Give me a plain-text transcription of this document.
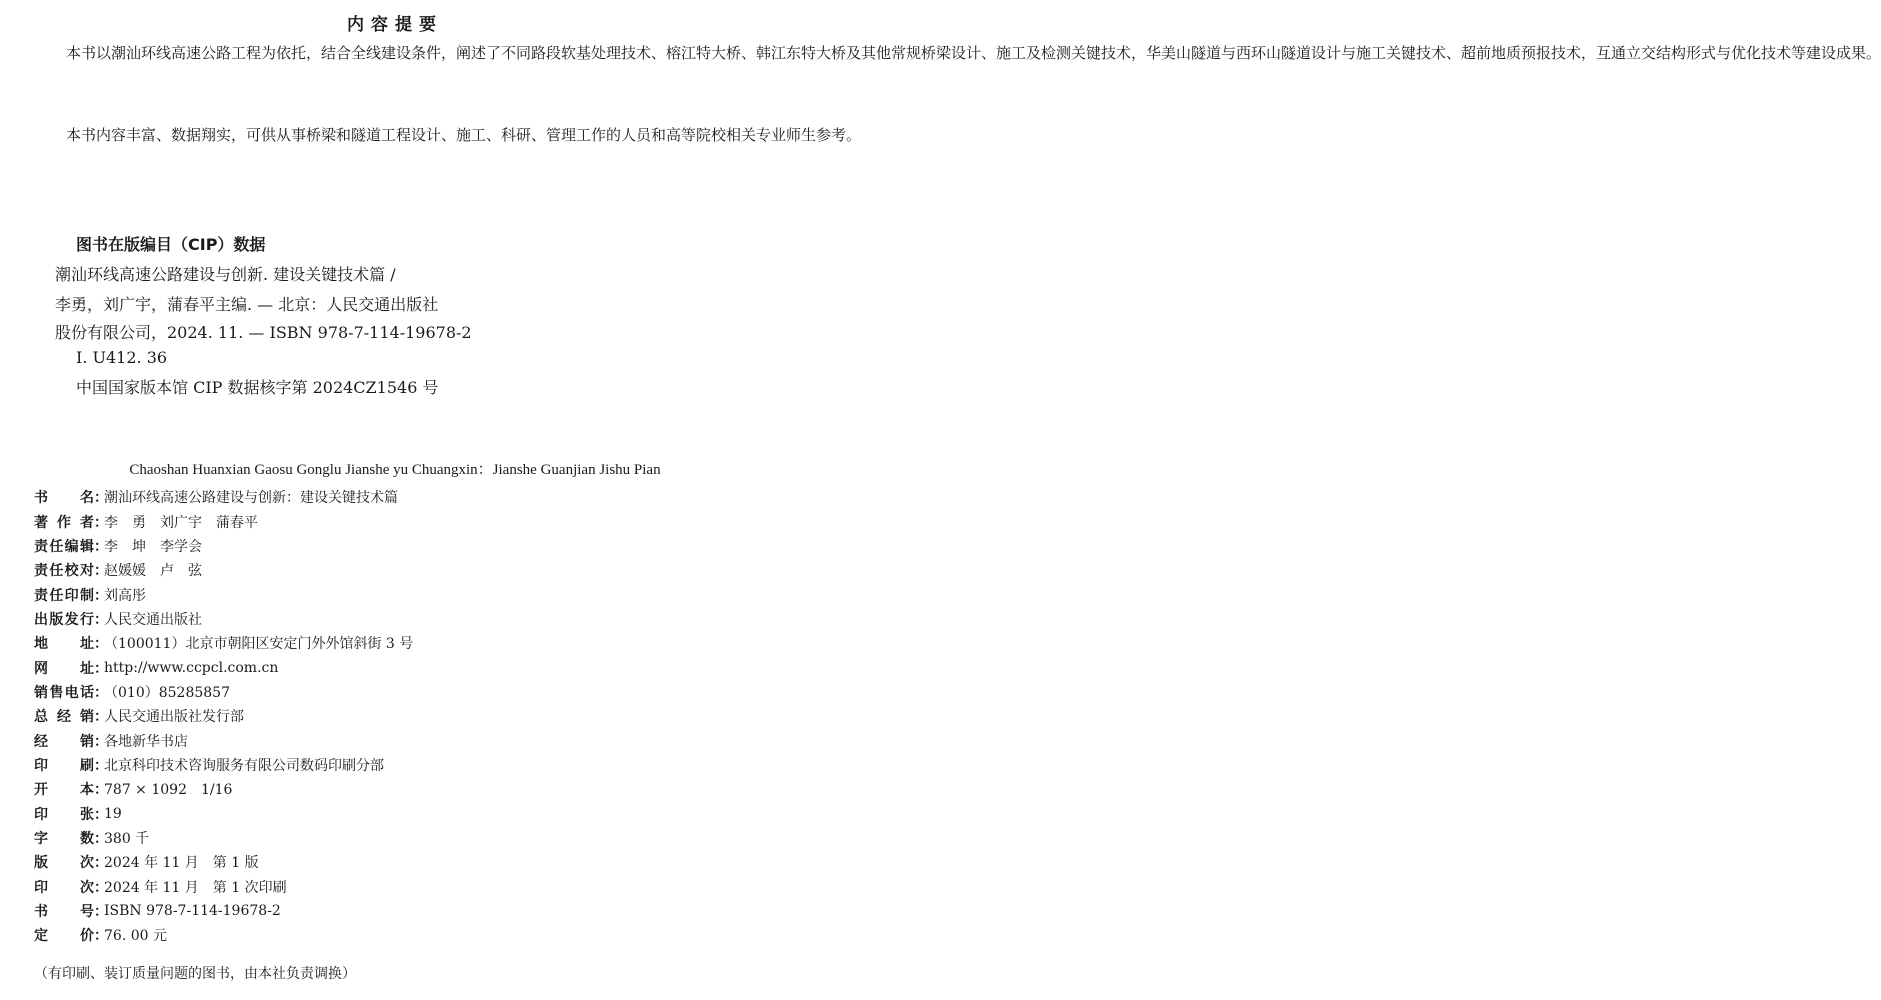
内容提要

本书以潮汕环线高速公路工程为依托，结合全线建设条件，阐述了不同路段软基处理技术、榕江特大桥、韩江东特大桥及其他常规桥梁设计、施工及检测关键技术，华美山隧道与西环山隧道设计与施工关键技术、超前地质预报技术，互通立交结构形式与优化技术等建设成果。

本书内容丰富、数据翔实，可供从事桥梁和隧道工程设计、施工、科研、管理工作的人员和高等院校相关专业师生参考。

图书在版编目（CIP）数据
潮汕环线高速公路建设与创新. 建设关键技术篇 /
李勇，刘广宇，蒲春平主编. — 北京：人民交通出版社
股份有限公司，2024. 11. — ISBN 978-7-114-19678-2
Ⅰ. U412. 36
中国国家版本馆 CIP 数据核字第 2024CZ1546 号
Chaoshan Huanxian Gaosu Gonglu Jianshe yu Chuangxin：Jianshe Guanjian Jishu Pian
书 名 ：
潮汕环线高速公路建设与创新：建设关键技术篇
著 作 者 ：
李　勇　刘广宇　蒲春平
责 任 编 辑 ：
李　坤　李学会
责 任 校 对 ：
赵媛媛　卢　弦
责 任 印 制 ：
刘高彤
出 版 发 行 ：
人民交通出版社
地 址 ：
（100011）北京市朝阳区安定门外外馆斜街 3 号
网 址 ：
http://www.ccpcl.com.cn
销 售 电 话 ：
（010）85285857
总 经 销 ：
人民交通出版社发行部
经 销 ：
各地新华书店
印 刷 ：
北京科印技术咨询服务有限公司数码印刷分部
开 本 ：
787 × 1092　1/16
印 张 ：
19
字 数 ：
380 千
版 次 ：
2024 年 11 月　第 1 版
印 次 ：
2024 年 11 月　第 1 次印刷
书 号 ：
ISBN 978-7-114-19678-2
定 价 ：
76. 00 元
（有印刷、装订质量问题的图书，由本社负责调换）
